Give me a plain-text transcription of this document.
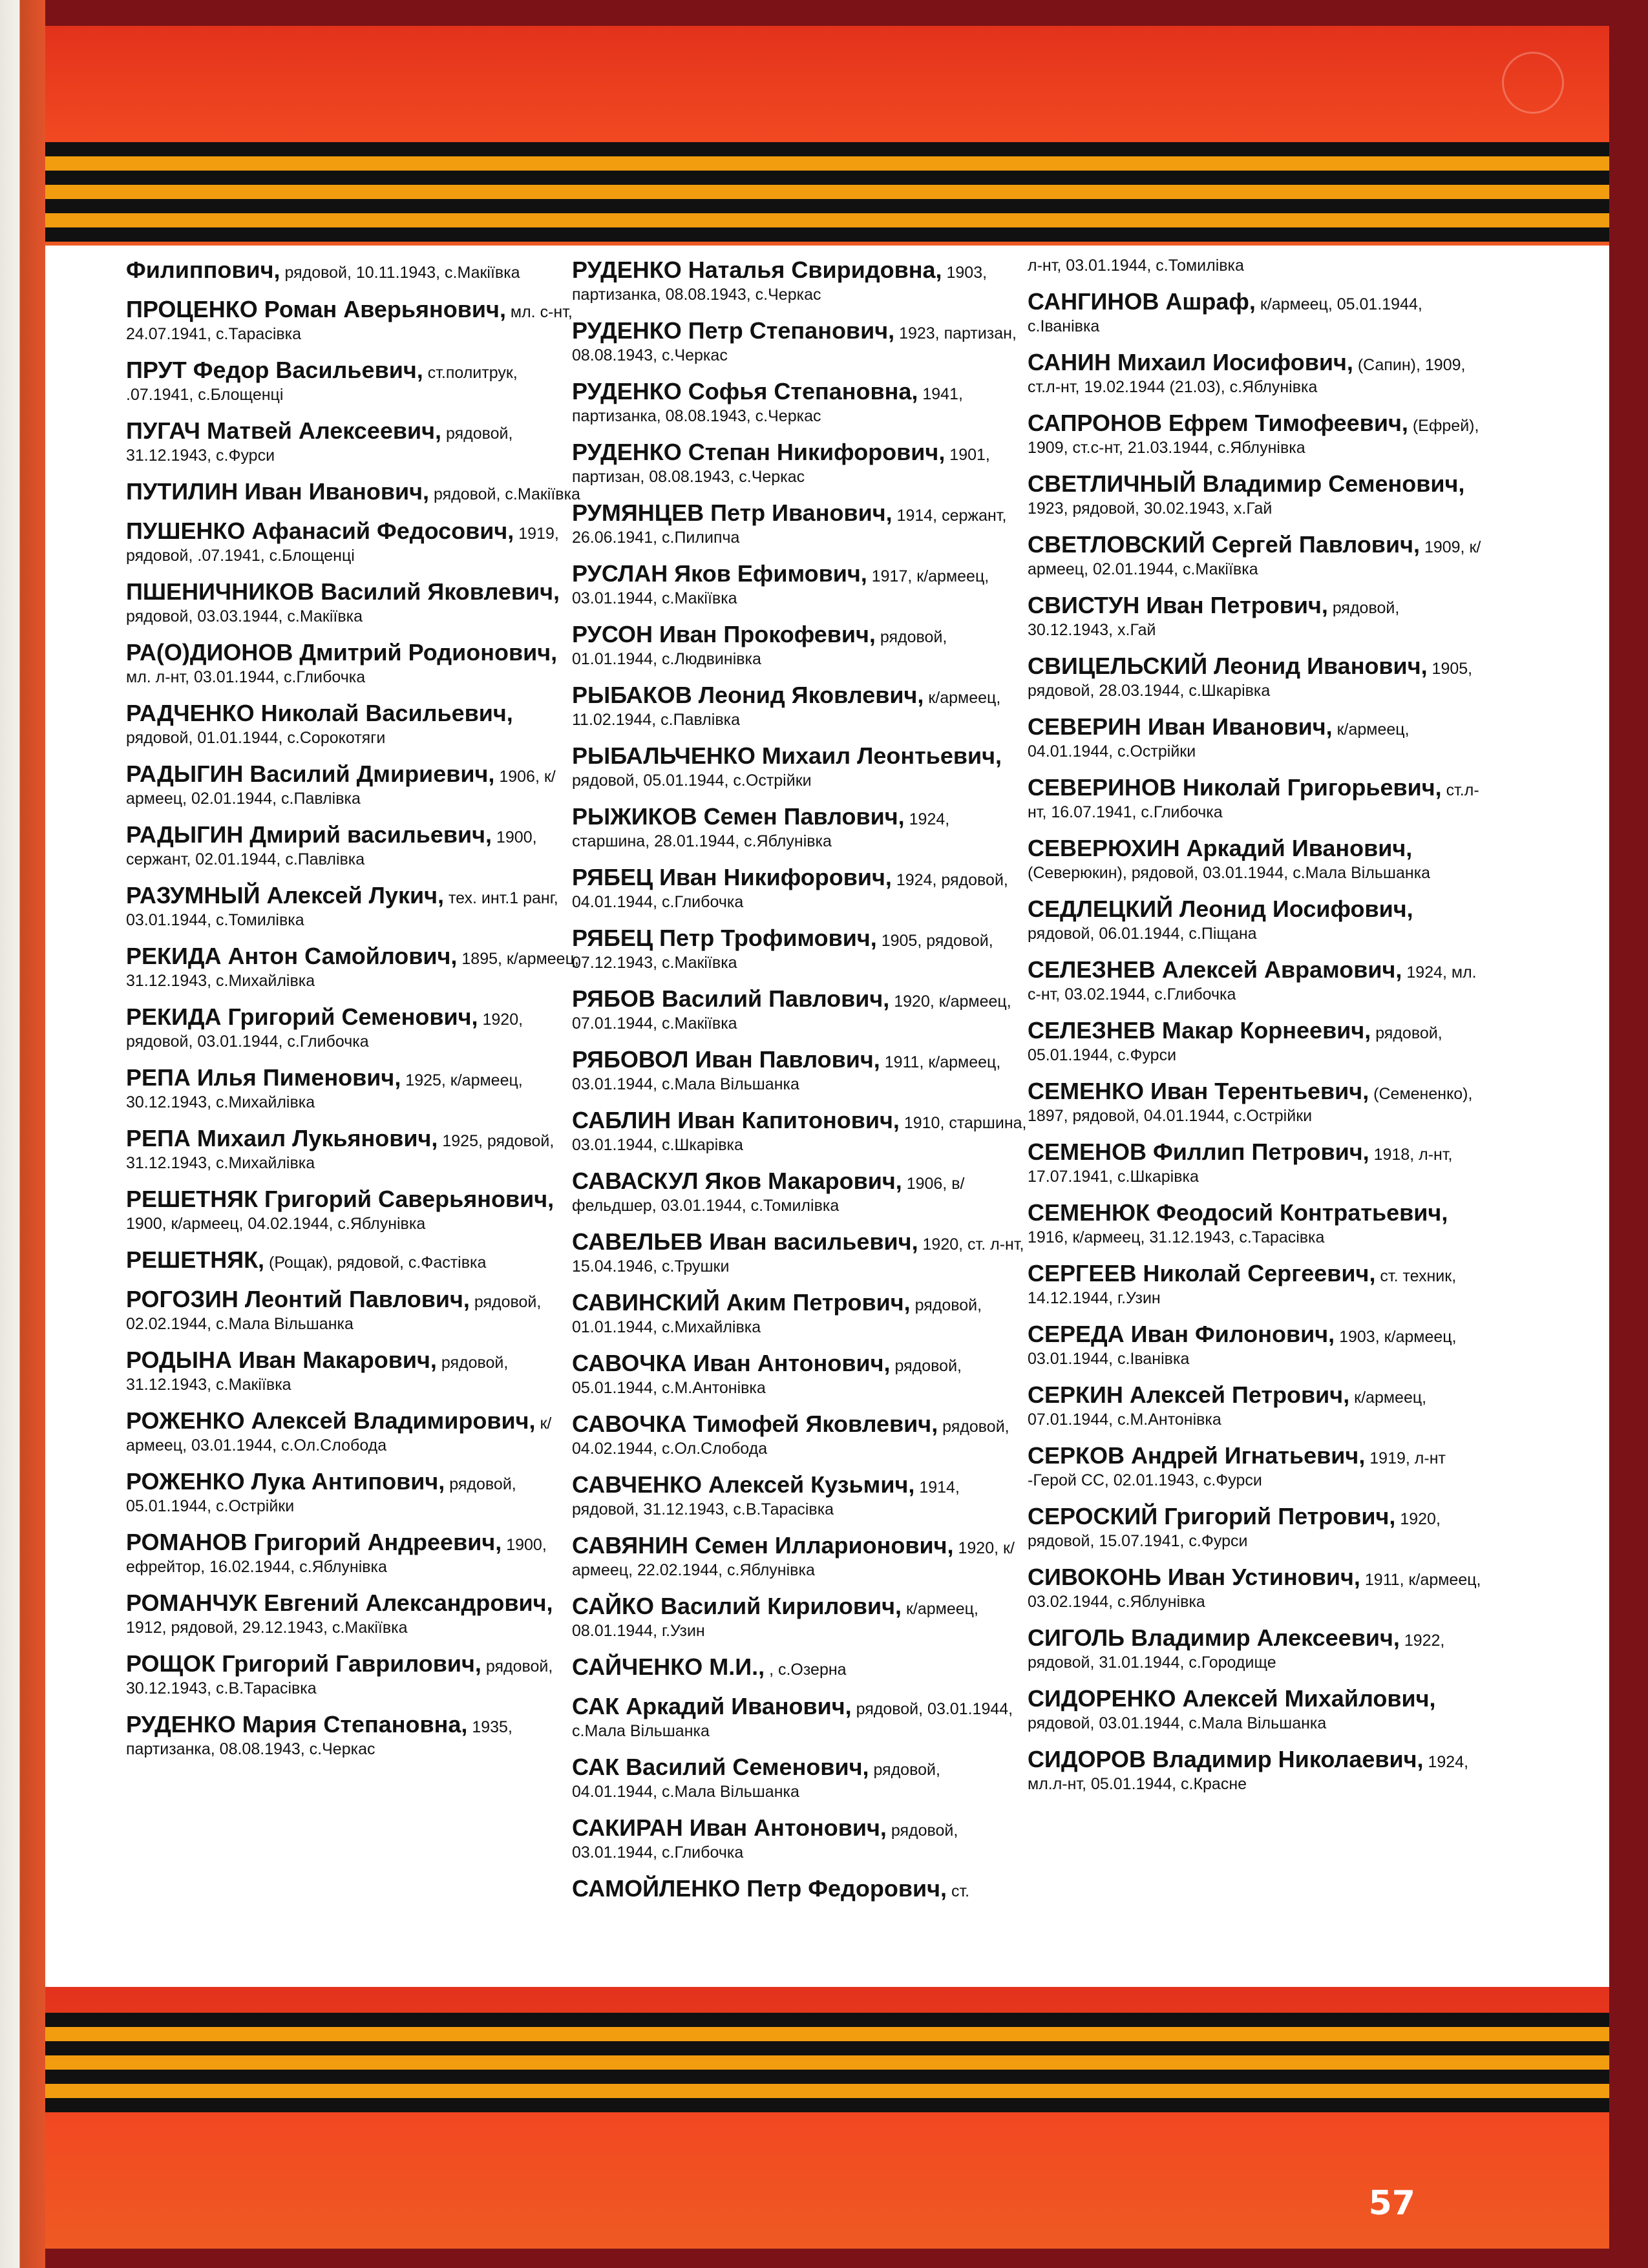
Филиппович, рядовой, 10.11.1943, с.Макіївка
ПРОЦЕНКО Роман Аверьянович, мл. с-нт, 24.07.1941, с.Тарасівка
ПРУТ Федор Васильевич, ст.политрук, .07.1941, с.Блощенці
ПУГАЧ Матвей Алексеевич, рядовой, 31.12.1943, с.Фурси
ПУТИЛИН Иван Иванович, рядовой, с.Макіївка
ПУШЕНКО Афанасий Федосович, 1919, рядовой, .07.1941, с.Блощенці
ПШЕНИЧНИКОВ Василий Яковлевич, рядовой, 03.03.1944, с.Макіївка
РА(О)ДИОНОВ Дмитрий Родионович, мл. л-нт, 03.01.1944, с.Глибочка
РАДЧЕНКО Николай Васильевич, рядовой, 01.01.1944, с.Сорокотяги
РАДЫГИН Василий Дмириевич, 1906, к/армеец, 02.01.1944, с.Павлівка
РАДЫГИН Дмирий васильевич, 1900, сержант, 02.01.1944, с.Павлівка
РАЗУМНЫЙ Алексей Лукич, тех. инт.1 ранг, 03.01.1944, с.Томилівка
РЕКИДА Антон Самойлович, 1895, к/армеец, 31.12.1943, с.Михайлівка
РЕКИДА Григорий Семенович, 1920, рядовой, 03.01.1944, с.Глибочка
РЕПА Илья Пименович, 1925, к/армеец, 30.12.1943, с.Михайлівка
РЕПА Михаил Лукьянович, 1925, рядовой, 31.12.1943, с.Михайлівка
РЕШЕТНЯК Григорий Саверьянович, 1900, к/армеец, 04.02.1944, с.Яблунівка
РЕШЕТНЯК, (Рощак), рядовой, с.Фастівка
РОГОЗИН Леонтий Павлович, рядовой, 02.02.1944, с.Мала Вільшанка
РОДЫНА Иван Макарович, рядовой, 31.12.1943, с.Макіївка
РОЖЕНКО Алексей Владимирович, к/армеец, 03.01.1944, с.Ол.Слобода
РОЖЕНКО Лука Антипович, рядовой, 05.01.1944, с.Острійки
РОМАНОВ Григорий Андреевич, 1900, ефрейтор, 16.02.1944, с.Яблунівка
РОМАНЧУК Евгений Александрович, 1912, рядовой, 29.12.1943, с.Макіївка
РОЩОК Григорий Гаврилович, рядовой, 30.12.1943, с.В.Тарасівка
РУДЕНКО Мария Степановна, 1935, партизанка, 08.08.1943, с.Черкас
РУДЕНКО Наталья Свиридовна, 1903, партизанка, 08.08.1943, с.Черкас
РУДЕНКО Петр Степанович, 1923, партизан, 08.08.1943, с.Черкас
РУДЕНКО Софья Степановна, 1941, партизанка, 08.08.1943, с.Черкас
РУДЕНКО Степан Никифорович, 1901, партизан, 08.08.1943, с.Черкас
РУМЯНЦЕВ Петр Иванович, 1914, сержант, 26.06.1941, с.Пилипча
РУСЛАН Яков Ефимович, 1917, к/армеец, 03.01.1944, с.Макіївка
РУСОН Иван Прокофевич, рядовой, 01.01.1944, с.Людвинівка
РЫБАКОВ Леонид Яковлевич, к/армеец, 11.02.1944, с.Павлівка
РЫБАЛЬЧЕНКО Михаил Леонтьевич, рядовой, 05.01.1944, с.Острійки
РЫЖИКОВ Семен Павлович, 1924, старшина, 28.01.1944, с.Яблунівка
РЯБЕЦ Иван Никифорович, 1924, рядовой, 04.01.1944, с.Глибочка
РЯБЕЦ Петр Трофимович, 1905, рядовой, 07.12.1943, с.Макіївка
РЯБОВ Василий Павлович, 1920, к/армеец, 07.01.1944, с.Макіївка
РЯБОВОЛ Иван Павлович, 1911, к/армеец, 03.01.1944, с.Мала Вільшанка
САБЛИН Иван Капитонович, 1910, старшина, 03.01.1944, с.Шкарівка
САВАСКУЛ Яков Макарович, 1906, в/фельдшер, 03.01.1944, с.Томилівка
САВЕЛЬЕВ Иван васильевич, 1920, ст. л-нт, 15.04.1946, с.Трушки
САВИНСКИЙ Аким Петрович, рядовой, 01.01.1944, с.Михайлівка
САВОЧКА Иван Антонович, рядовой, 05.01.1944, с.М.Антонівка
САВОЧКА Тимофей Яковлевич, рядовой, 04.02.1944, с.Ол.Слобода
САВЧЕНКО Алексей Кузьмич, 1914, рядовой, 31.12.1943, с.В.Тарасівка
САВЯНИН Семен Илларионович, 1920, к/армеец, 22.02.1944, с.Яблунівка
САЙКО Василий Кирилович, к/армеец, 08.01.1944, г.Узин
САЙЧЕНКО М.И., , с.Озерна
САК Аркадий Иванович, рядовой, 03.01.1944, с.Мала Вільшанка
САК Василий Семенович, рядовой, 04.01.1944, с.Мала Вільшанка
САКИРАН Иван Антонович, рядовой, 03.01.1944, с.Глибочка
САМОЙЛЕНКО Петр Федорович, ст.
л-нт, 03.01.1944, с.Томилівка
САНГИНОВ Ашраф, к/армеец, 05.01.1944, с.Іванівка
САНИН Михаил Иосифович, (Сапин), 1909, ст.л-нт, 19.02.1944 (21.03), с.Яблунівка
САПРОНОВ Ефрем Тимофеевич, (Ефрей), 1909, ст.с-нт, 21.03.1944, с.Яблунівка
СВЕТЛИЧНЫЙ Владимир Семенович, 1923, рядовой, 30.02.1943, х.Гай
СВЕТЛОВСКИЙ Сергей Павлович, 1909, к/армеец, 02.01.1944, с.Макіївка
СВИСТУН Иван Петрович, рядовой, 30.12.1943, х.Гай
СВИЦЕЛЬСКИЙ Леонид Иванович, 1905, рядовой, 28.03.1944, с.Шкарівка
СЕВЕРИН Иван Иванович, к/армеец, 04.01.1944, с.Острійки
СЕВЕРИНОВ Николай Григорьевич, ст.л-нт, 16.07.1941, с.Глибочка
СЕВЕРЮХИН Аркадий Иванович, (Северюкин), рядовой, 03.01.1944, с.Мала Вільшанка
СЕДЛЕЦКИЙ Леонид Иосифович, рядовой, 06.01.1944, с.Піщана
СЕЛЕЗНЕВ Алексей Аврамович, 1924, мл. с-нт, 03.02.1944, с.Глибочка
СЕЛЕЗНЕВ Макар Корнеевич, рядовой, 05.01.1944, с.Фурси
СЕМЕНКО Иван Терентьевич, (Семененко), 1897, рядовой, 04.01.1944, с.Острійки
СЕМЕНОВ Филлип Петрович, 1918, л-нт, 17.07.1941, с.Шкарівка
СЕМЕНЮК Феодосий Контратьевич, 1916, к/армеец, 31.12.1943, с.Тарасівка
СЕРГЕЕВ Николай Сергеевич, ст. техник, 14.12.1944, г.Узин
СЕРЕДА Иван Филонович, 1903, к/армеец, 03.01.1944, с.Іванівка
СЕРКИН Алексей Петрович, к/армеец, 07.01.1944, с.М.Антонівка
СЕРКОВ Андрей Игнатьевич, 1919, л-нт -Герой СС, 02.01.1943, с.Фурси
СЕРОСКИЙ Григорий Петрович, 1920, рядовой, 15.07.1941, с.Фурси
СИВОКОНЬ Иван Устинович, 1911, к/армеец, 03.02.1944, с.Яблунівка
СИГОЛЬ Владимир Алексеевич, 1922, рядовой, 31.01.1944, с.Городище
СИДОРЕНКО Алексей Михайлович, рядовой, 03.01.1944, с.Мала Вільшанка
СИДОРОВ Владимир Николаевич, 1924, мл.л-нт, 05.01.1944, с.Красне
57
